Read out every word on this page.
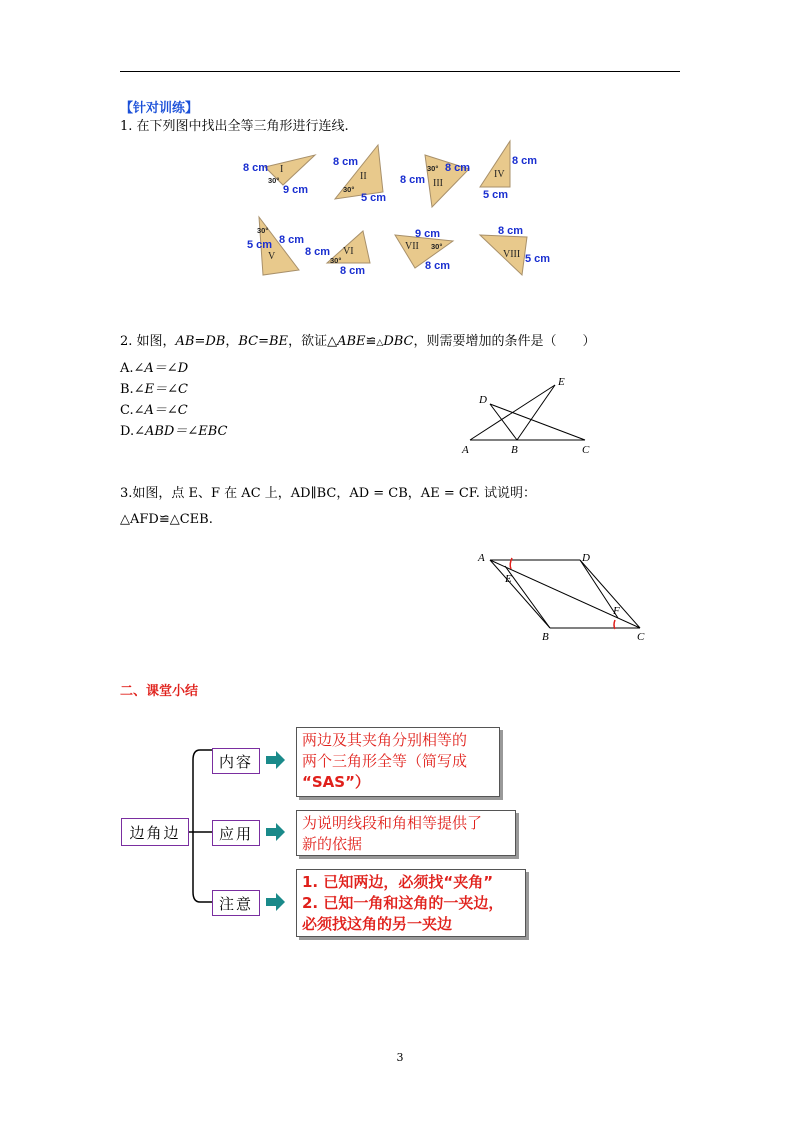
【针对训练】
1. 在下列图中找出全等三角形进行连线.
8 cm
9 cm
30°
I
8 cm
5 cm
30°
II
8 cm
8 cm
30°
III
8 cm
5 cm
IV
30°
5 cm 8 cm
V	8 cm
8 cm
30°
VI
9 cm
8 cm
30°
VII
8 cm
5 cm
VIII
2. 如图，AB=DB，BC=BE，欲证△ABE≌△DBC，则需要增加的条件是（　　）
A.∠A＝∠D
B.∠E＝∠C
C.∠A＝∠C
D.∠ABD＝∠EBC
A	B	C
D
E
3.如图，点 E、F 在 AC 上，AD∥BC，AD = CB，AE = CF. 试说明：
△AFD≌△CEB.
A	D
E
F
B	C
二、课堂小结
边角边
内容
应用
注意
两边及其夹角分别相等的
两个三角形全等（简写成
“SAS”）
为说明线段和角相等提供了
新的依据
1. 已知两边，必须找“夹角”
2. 已知一角和这角的一夹边，
必须找这角的另一夹边
3
